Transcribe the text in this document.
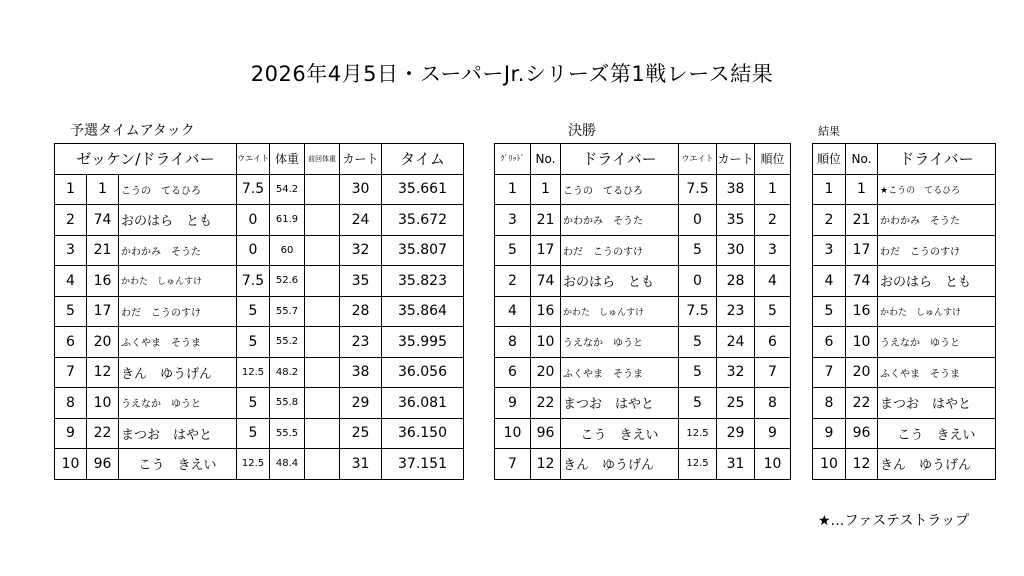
2026年4月5日・スーパーJr.シリーズ第1戦レース結果
予選タイムアタック	決勝	結果
ゼッケン/ドライバー			ウエイト	体重	前回体重	カート	タイム
1	1	こうの　てるひろ	7.5	54.2		30	35.661
2	74	おのはら　とも	0	61.9		24	35.672
3	21	かわかみ　そうた	0	60		32	35.807
4	16	かわた　しゅんすけ	7.5	52.6		35	35.823
5	17	わだ　こうのすけ	5	55.7		28	35.864
6	20	ふくやま　そうま	5	55.2		23	35.995
7	12	きん　ゆうげん	12.5	48.2		38	36.056
8	10	うえなか　ゆうと	5	55.8		29	36.081
9	22	まつお　はやと	5	55.5		25	36.150
10	96	こう　きえい	12.5	48.4		31	37.151
ｸﾞﾘｯﾄﾞ	No.	ドライバー	ウエイト	カート	順位
1	1	こうの　てるひろ	7.5	38	1
3	21	かわかみ　そうた	0	35	2
5	17	わだ　こうのすけ	5	30	3
2	74	おのはら　とも	0	28	4
4	16	かわた　しゅんすけ	7.5	23	5
8	10	うえなか　ゆうと	5	24	6
6	20	ふくやま　そうま	5	32	7
9	22	まつお　はやと	5	25	8
10	96	こう　きえい	12.5	29	9
7	12	きん　ゆうげん	12.5	31	10
順位	No.	ドライバー
1	1	★こうの　てるひろ
2	21	かわかみ　そうた
3	17	わだ　こうのすけ
4	74	おのはら　とも
5	16	かわた　しゅんすけ
6	10	うえなか　ゆうと
7	20	ふくやま　そうま
8	22	まつお　はやと
9	96	こう　きえい
10	12	きん　ゆうげん
★…ファステストラップ
